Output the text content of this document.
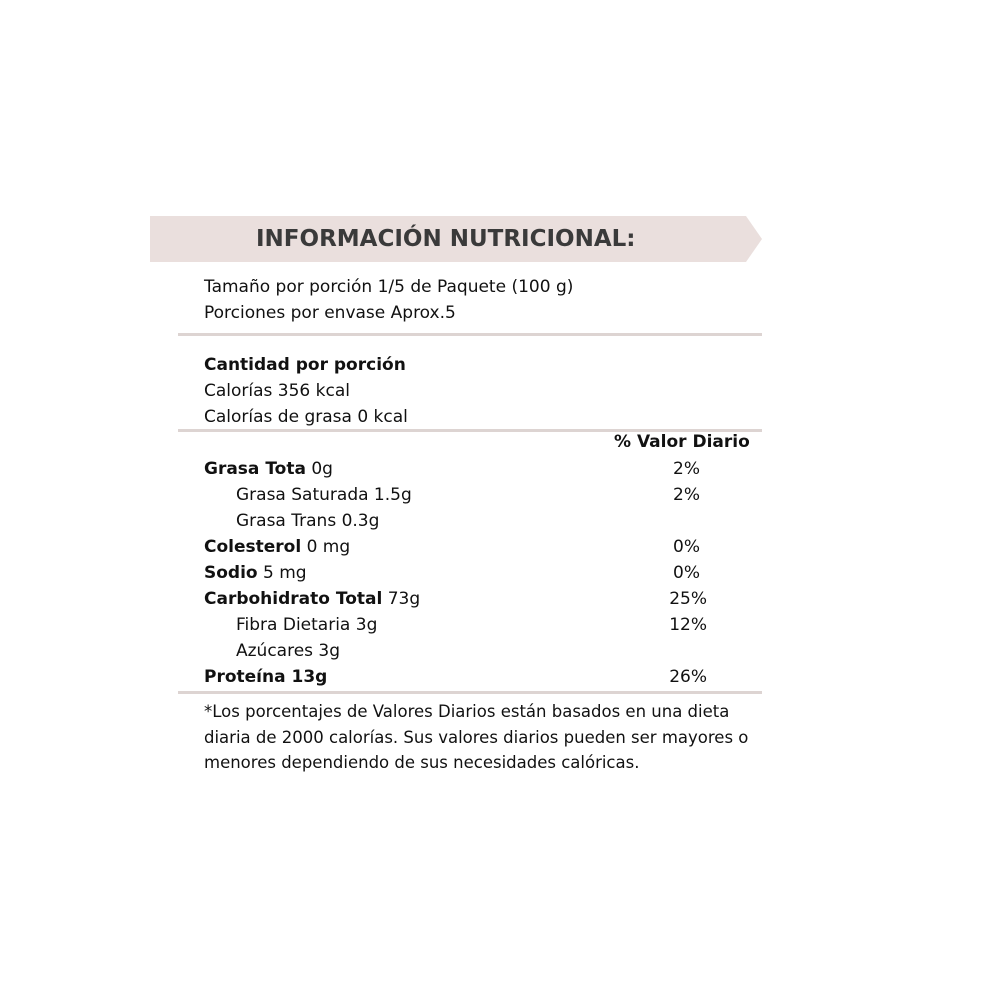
INFORMACIÓN NUTRICIONAL:
Tamaño por porción 1/5 de Paquete (100 g)
Porciones por envase Aprox.5
Cantidad por porción
Calorías 356 kcal
Calorías de grasa 0 kcal
% Valor Diario
Grasa Tota 0g	2%
Grasa Saturada 1.5g	2%
Grasa Trans 0.3g
Colesterol 0 mg	0%
Sodio 5 mg	0%
Carbohidrato Total 73g	25%
Fibra Dietaria 3g	12%
Azúcares 3g
Proteína 13g	26%
*Los porcentajes de Valores Diarios están basados en una dieta diaria de 2000 calorías. Sus valores diarios pueden ser mayores o menores dependiendo de sus necesidades calóricas.
